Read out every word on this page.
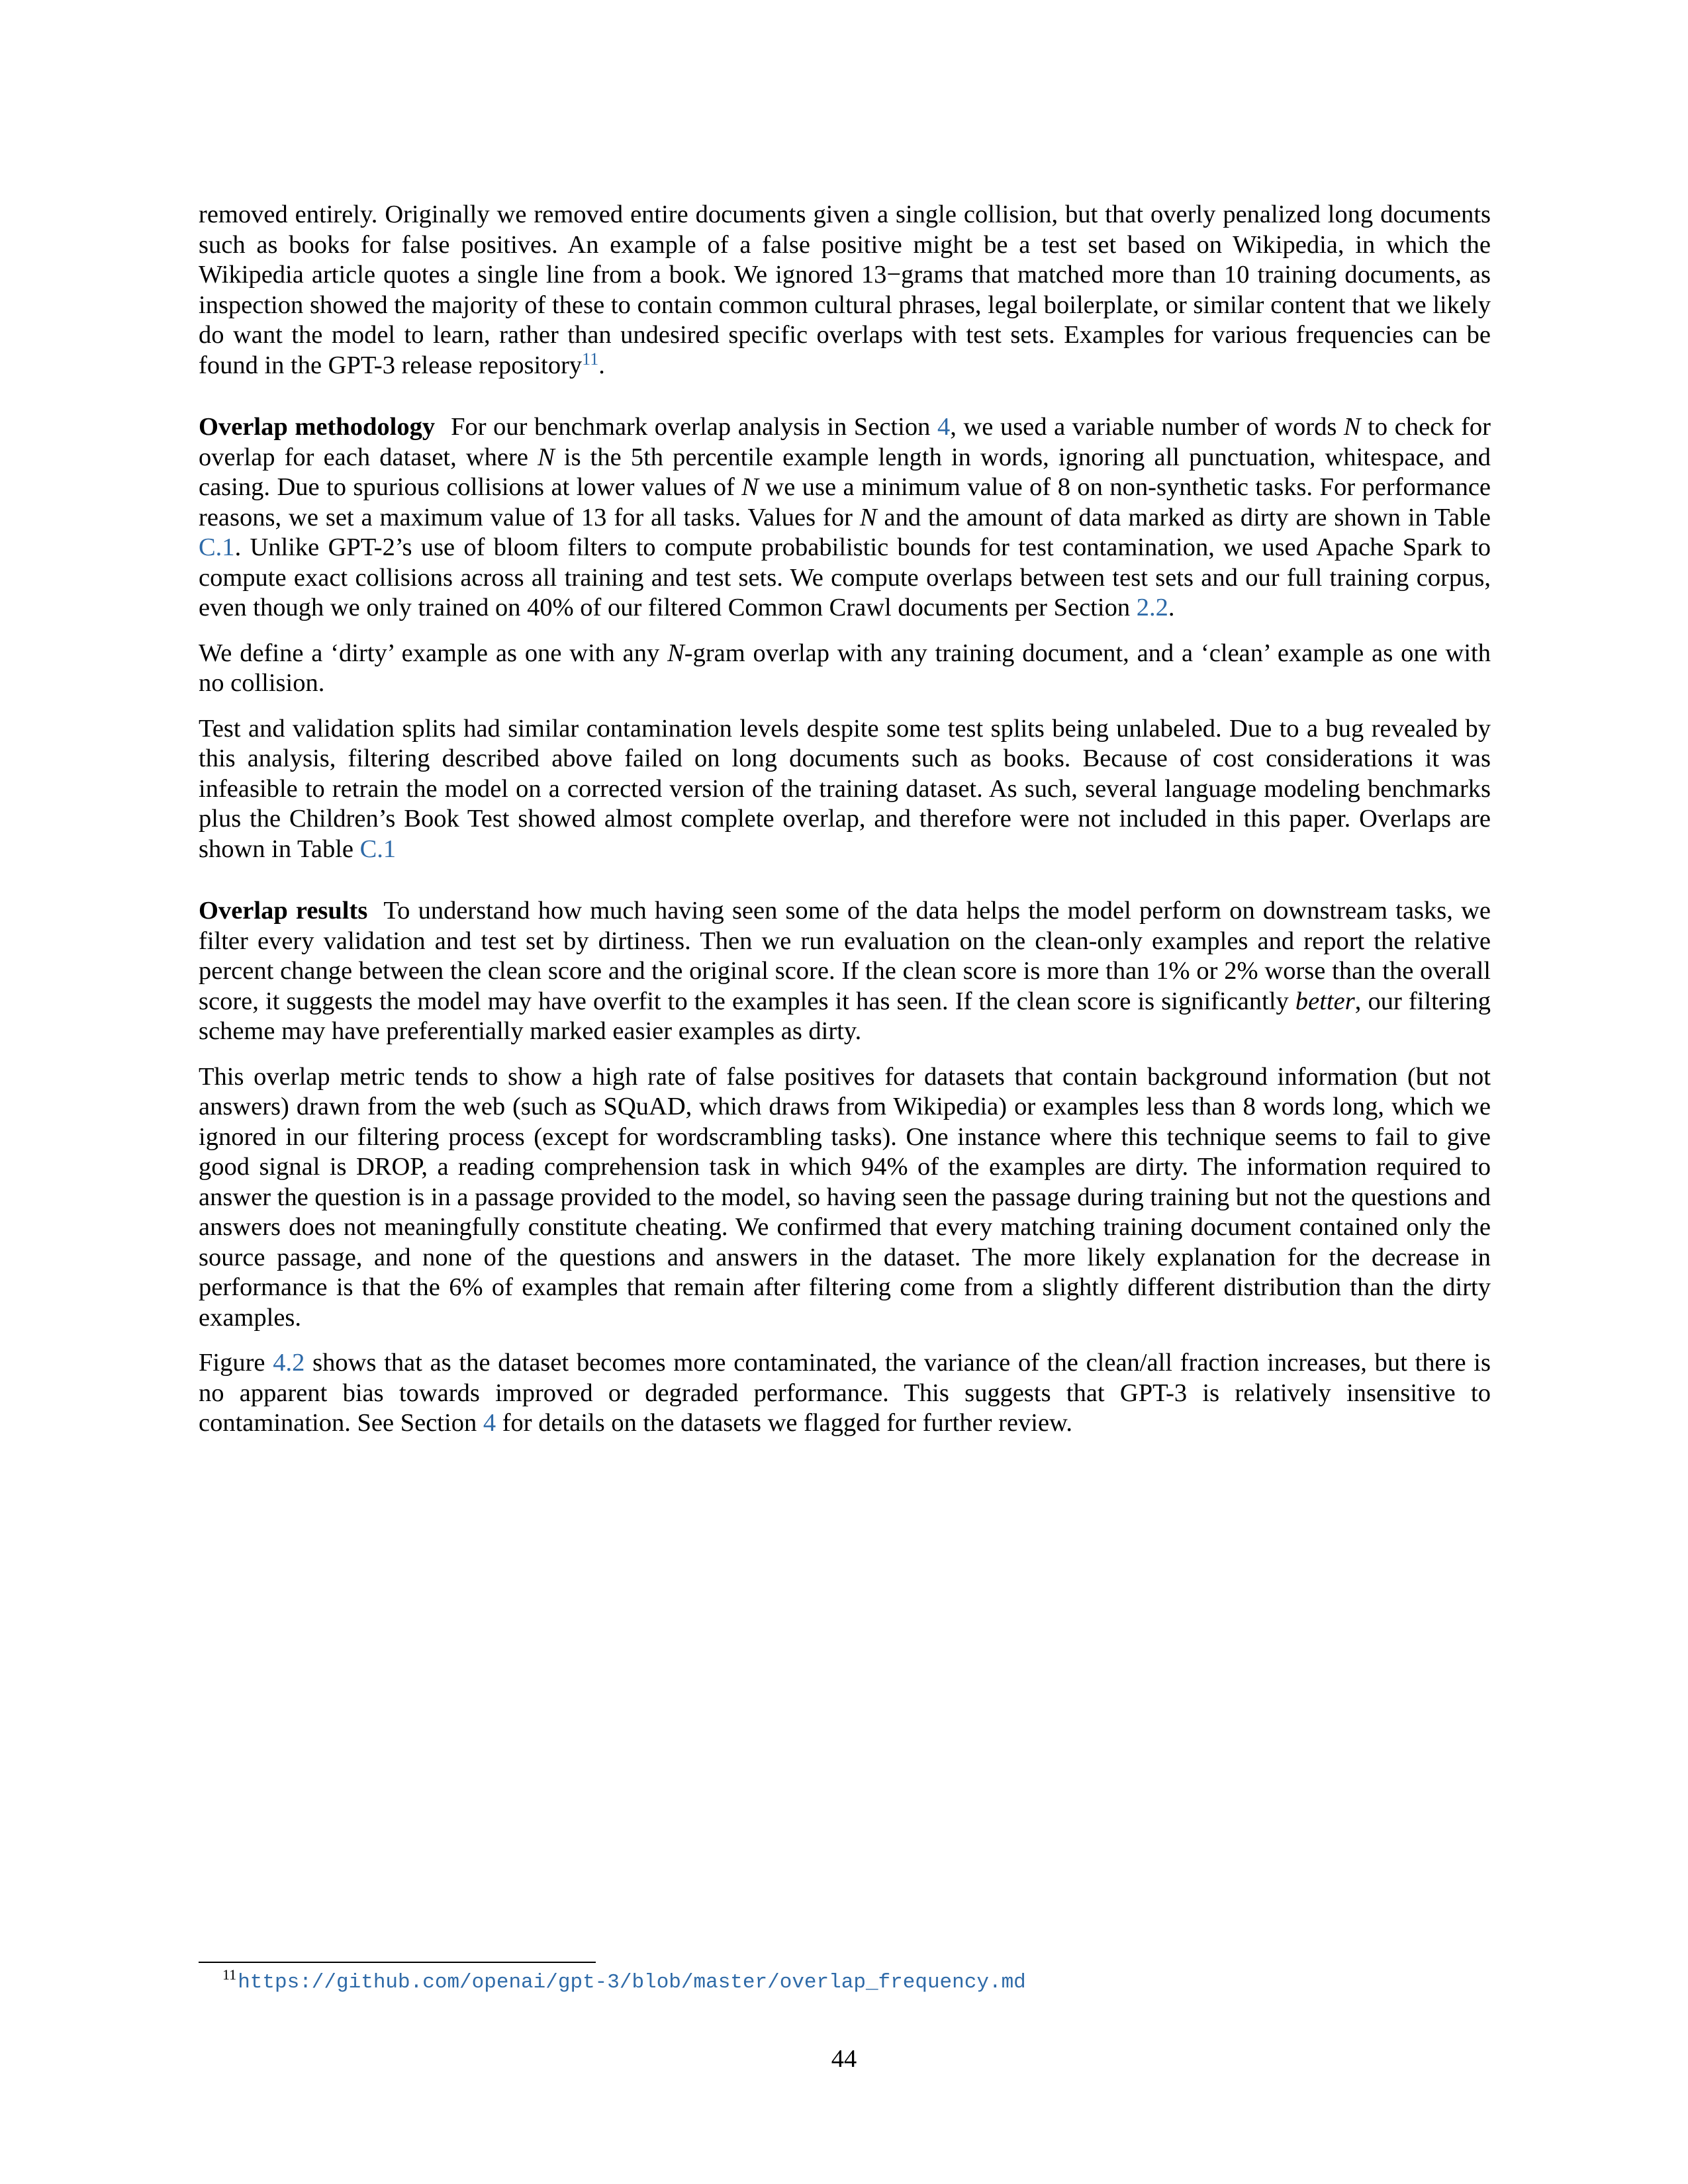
removed entirely. Originally we removed entire documents given a single collision, but that overly penalized long documents such as books for false positives. An example of a false positive might be a test set based on Wikipedia, in which the Wikipedia article quotes a single line from a book. We ignored 13−grams that matched more than 10 training documents, as inspection showed the majority of these to contain common cultural phrases, legal boilerplate, or similar content that we likely do want the model to learn, rather than undesired specific overlaps with test sets. Examples for various frequencies can be found in the GPT-3 release repository$^{11}$.

Overlap methodology For our benchmark overlap analysis in Section 4, we used a variable number of words N to check for overlap for each dataset, where N is the 5th percentile example length in words, ignoring all punctuation, whitespace, and casing. Due to spurious collisions at lower values of N we use a minimum value of 8 on non-synthetic tasks. For performance reasons, we set a maximum value of 13 for all tasks. Values for N and the amount of data marked as dirty are shown in Table C.1. Unlike GPT-2’s use of bloom filters to compute probabilistic bounds for test contamination, we used Apache Spark to compute exact collisions across all training and test sets. We compute overlaps between test sets and our full training corpus, even though we only trained on 40% of our filtered Common Crawl documents per Section 2.2.

We define a ‘dirty’ example as one with any N-gram overlap with any training document, and a ‘clean’ example as one with no collision.

Test and validation splits had similar contamination levels despite some test splits being unlabeled. Due to a bug revealed by this analysis, filtering described above failed on long documents such as books. Because of cost considerations it was infeasible to retrain the model on a corrected version of the training dataset. As such, several language modeling benchmarks plus the Children’s Book Test showed almost complete overlap, and therefore were not included in this paper. Overlaps are shown in Table C.1

Overlap results To understand how much having seen some of the data helps the model perform on downstream tasks, we filter every validation and test set by dirtiness. Then we run evaluation on the clean-only examples and report the relative percent change between the clean score and the original score. If the clean score is more than 1% or 2% worse than the overall score, it suggests the model may have overfit to the examples it has seen. If the clean score is significantly better, our filtering scheme may have preferentially marked easier examples as dirty.

This overlap metric tends to show a high rate of false positives for datasets that contain background information (but not answers) drawn from the web (such as SQuAD, which draws from Wikipedia) or examples less than 8 words long, which we ignored in our filtering process (except for wordscrambling tasks). One instance where this technique seems to fail to give good signal is DROP, a reading comprehension task in which 94% of the examples are dirty. The information required to answer the question is in a passage provided to the model, so having seen the passage during training but not the questions and answers does not meaningfully constitute cheating. We confirmed that every matching training document contained only the source passage, and none of the questions and answers in the dataset. The more likely explanation for the decrease in performance is that the 6% of examples that remain after filtering come from a slightly different distribution than the dirty examples.

Figure 4.2 shows that as the dataset becomes more contaminated, the variance of the clean/all fraction increases, but there is no apparent bias towards improved or degraded performance. This suggests that GPT-3 is relatively insensitive to contamination. See Section 4 for details on the datasets we flagged for further review.

$^{11}$https://github.com/openai/gpt-3/blob/master/overlap_frequency.md
44
